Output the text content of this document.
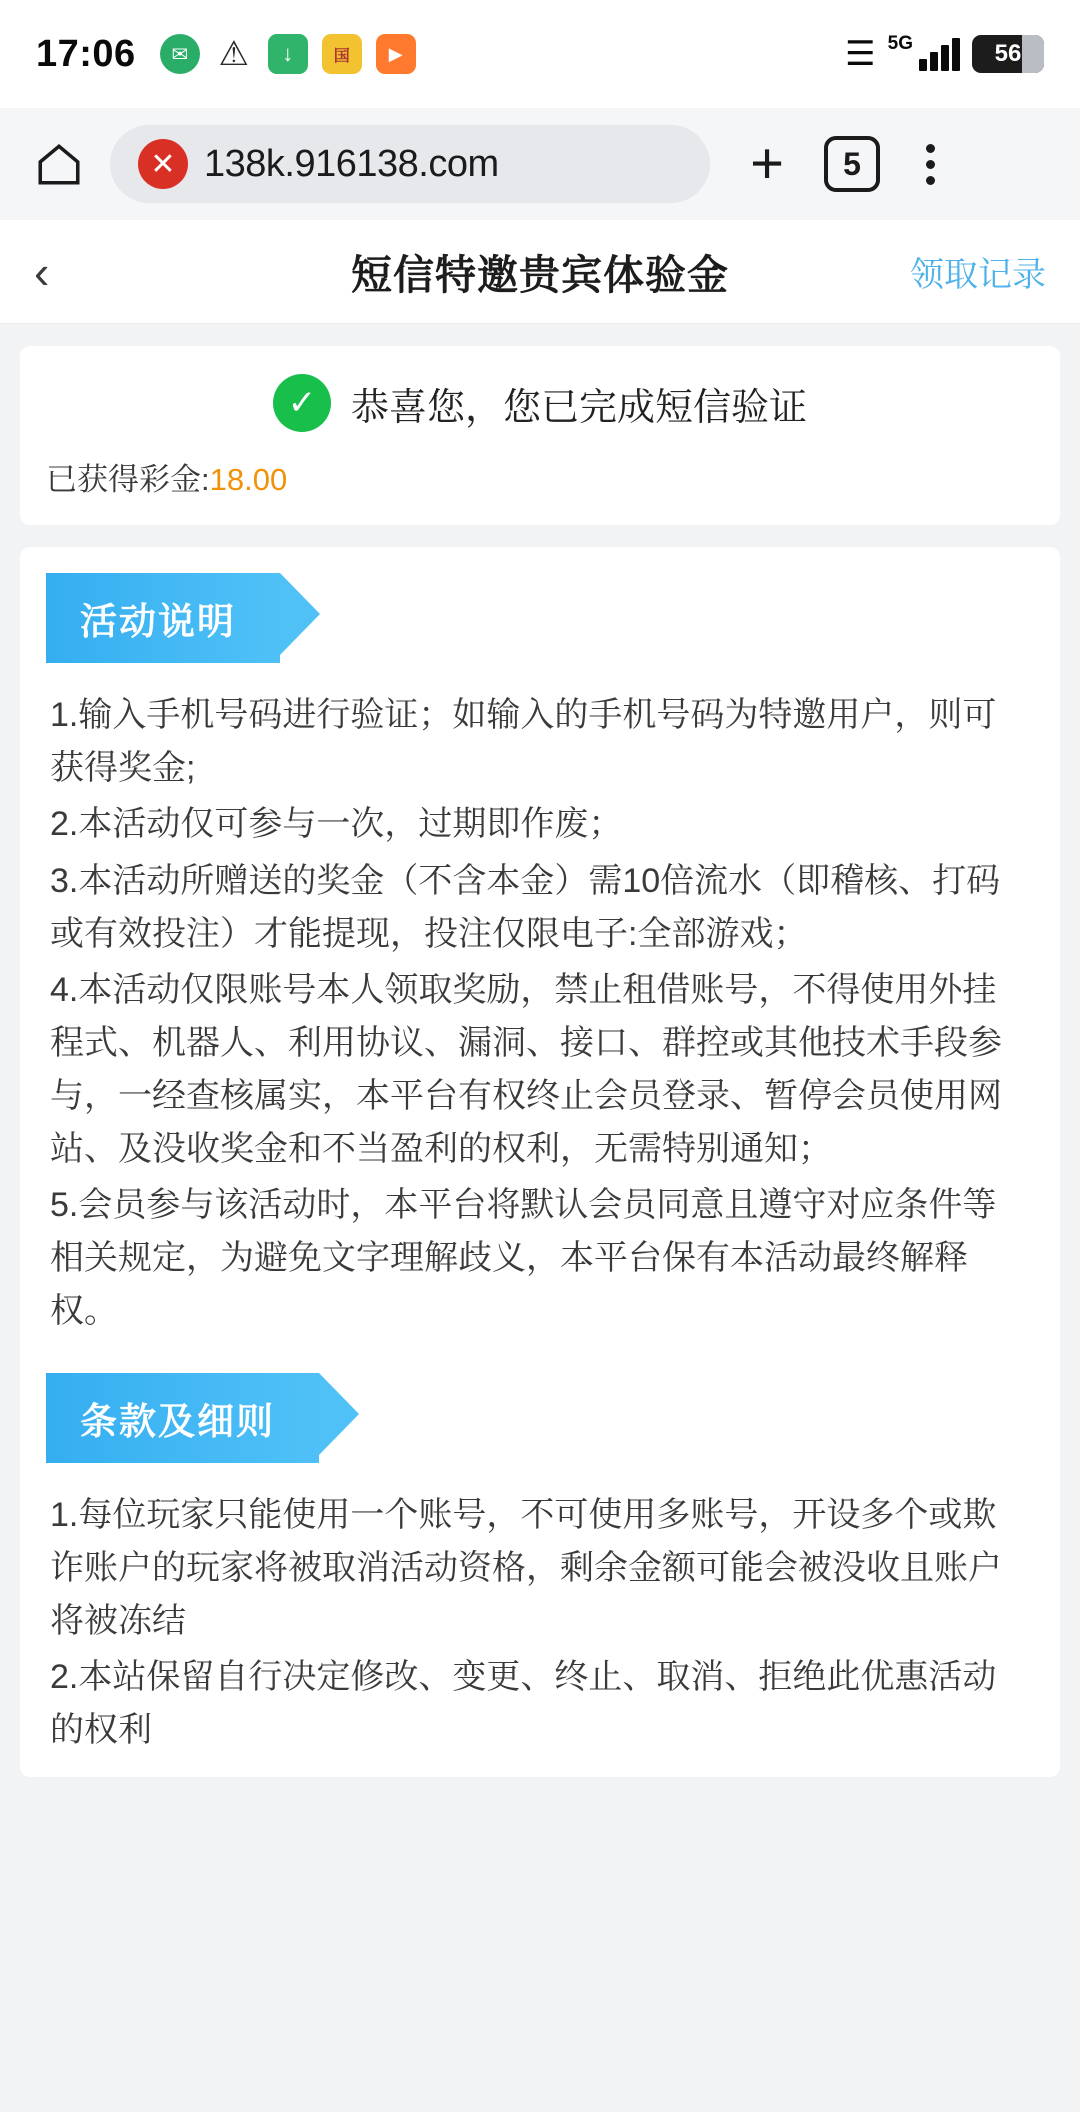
17:06	✉ ⚠	↓	国	▶	☰ 5G	56
✕ 138k.916138.com	+	5
‹	短信特邀贵宾体验金	领取记录
✓ 恭喜您，您已完成短信验证
已获得彩金:18.00
活动说明

1.输入手机号码进行验证；如输入的手机号码为特邀用户，则可获得奖金;

2.本活动仅可参与一次，过期即作废；

3.本活动所赠送的奖金（不含本金）需10倍流水（即稽核、打码或有效投注）才能提现，投注仅限电子:全部游戏；

4.本活动仅限账号本人领取奖励，禁止租借账号，不得使用外挂程式、机器人、利用协议、漏洞、接口、群控或其他技术手段参与，一经查核属实，本平台有权终止会员登录、暂停会员使用网站、及没收奖金和不当盈利的权利，无需特别通知；

5.会员参与该活动时，本平台将默认会员同意且遵守对应条件等相关规定，为避免文字理解歧义，本平台保有本活动最终解释权。

条款及细则

1.每位玩家只能使用一个账号，不可使用多账号，开设多个或欺诈账户的玩家将被取消活动资格，剩余金额可能会被没收且账户将被冻结

2.本站保留自行决定修改、变更、终止、取消、拒绝此优惠活动的权利
